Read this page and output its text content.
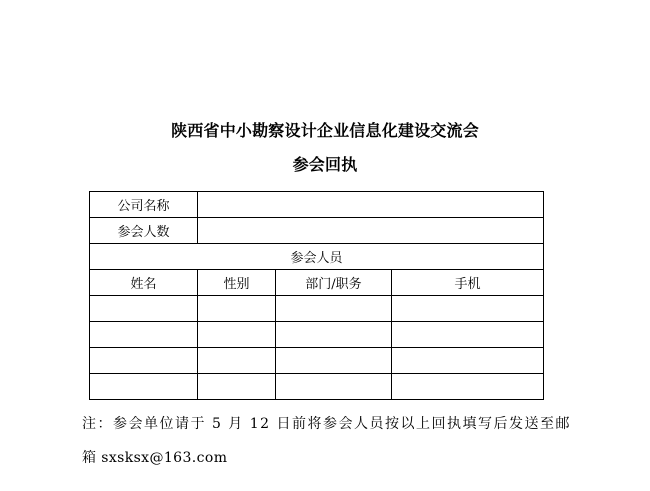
陕西省中小勘察设计企业信息化建设交流会
参会回执
公司名称			
参会人数			
参会人员			
姓名	性别	部门/职务	手机

注：参会单位请于 5 月 12 日前将参会人员按以上回执填写后发送至邮
箱 sxsksx@163.com
